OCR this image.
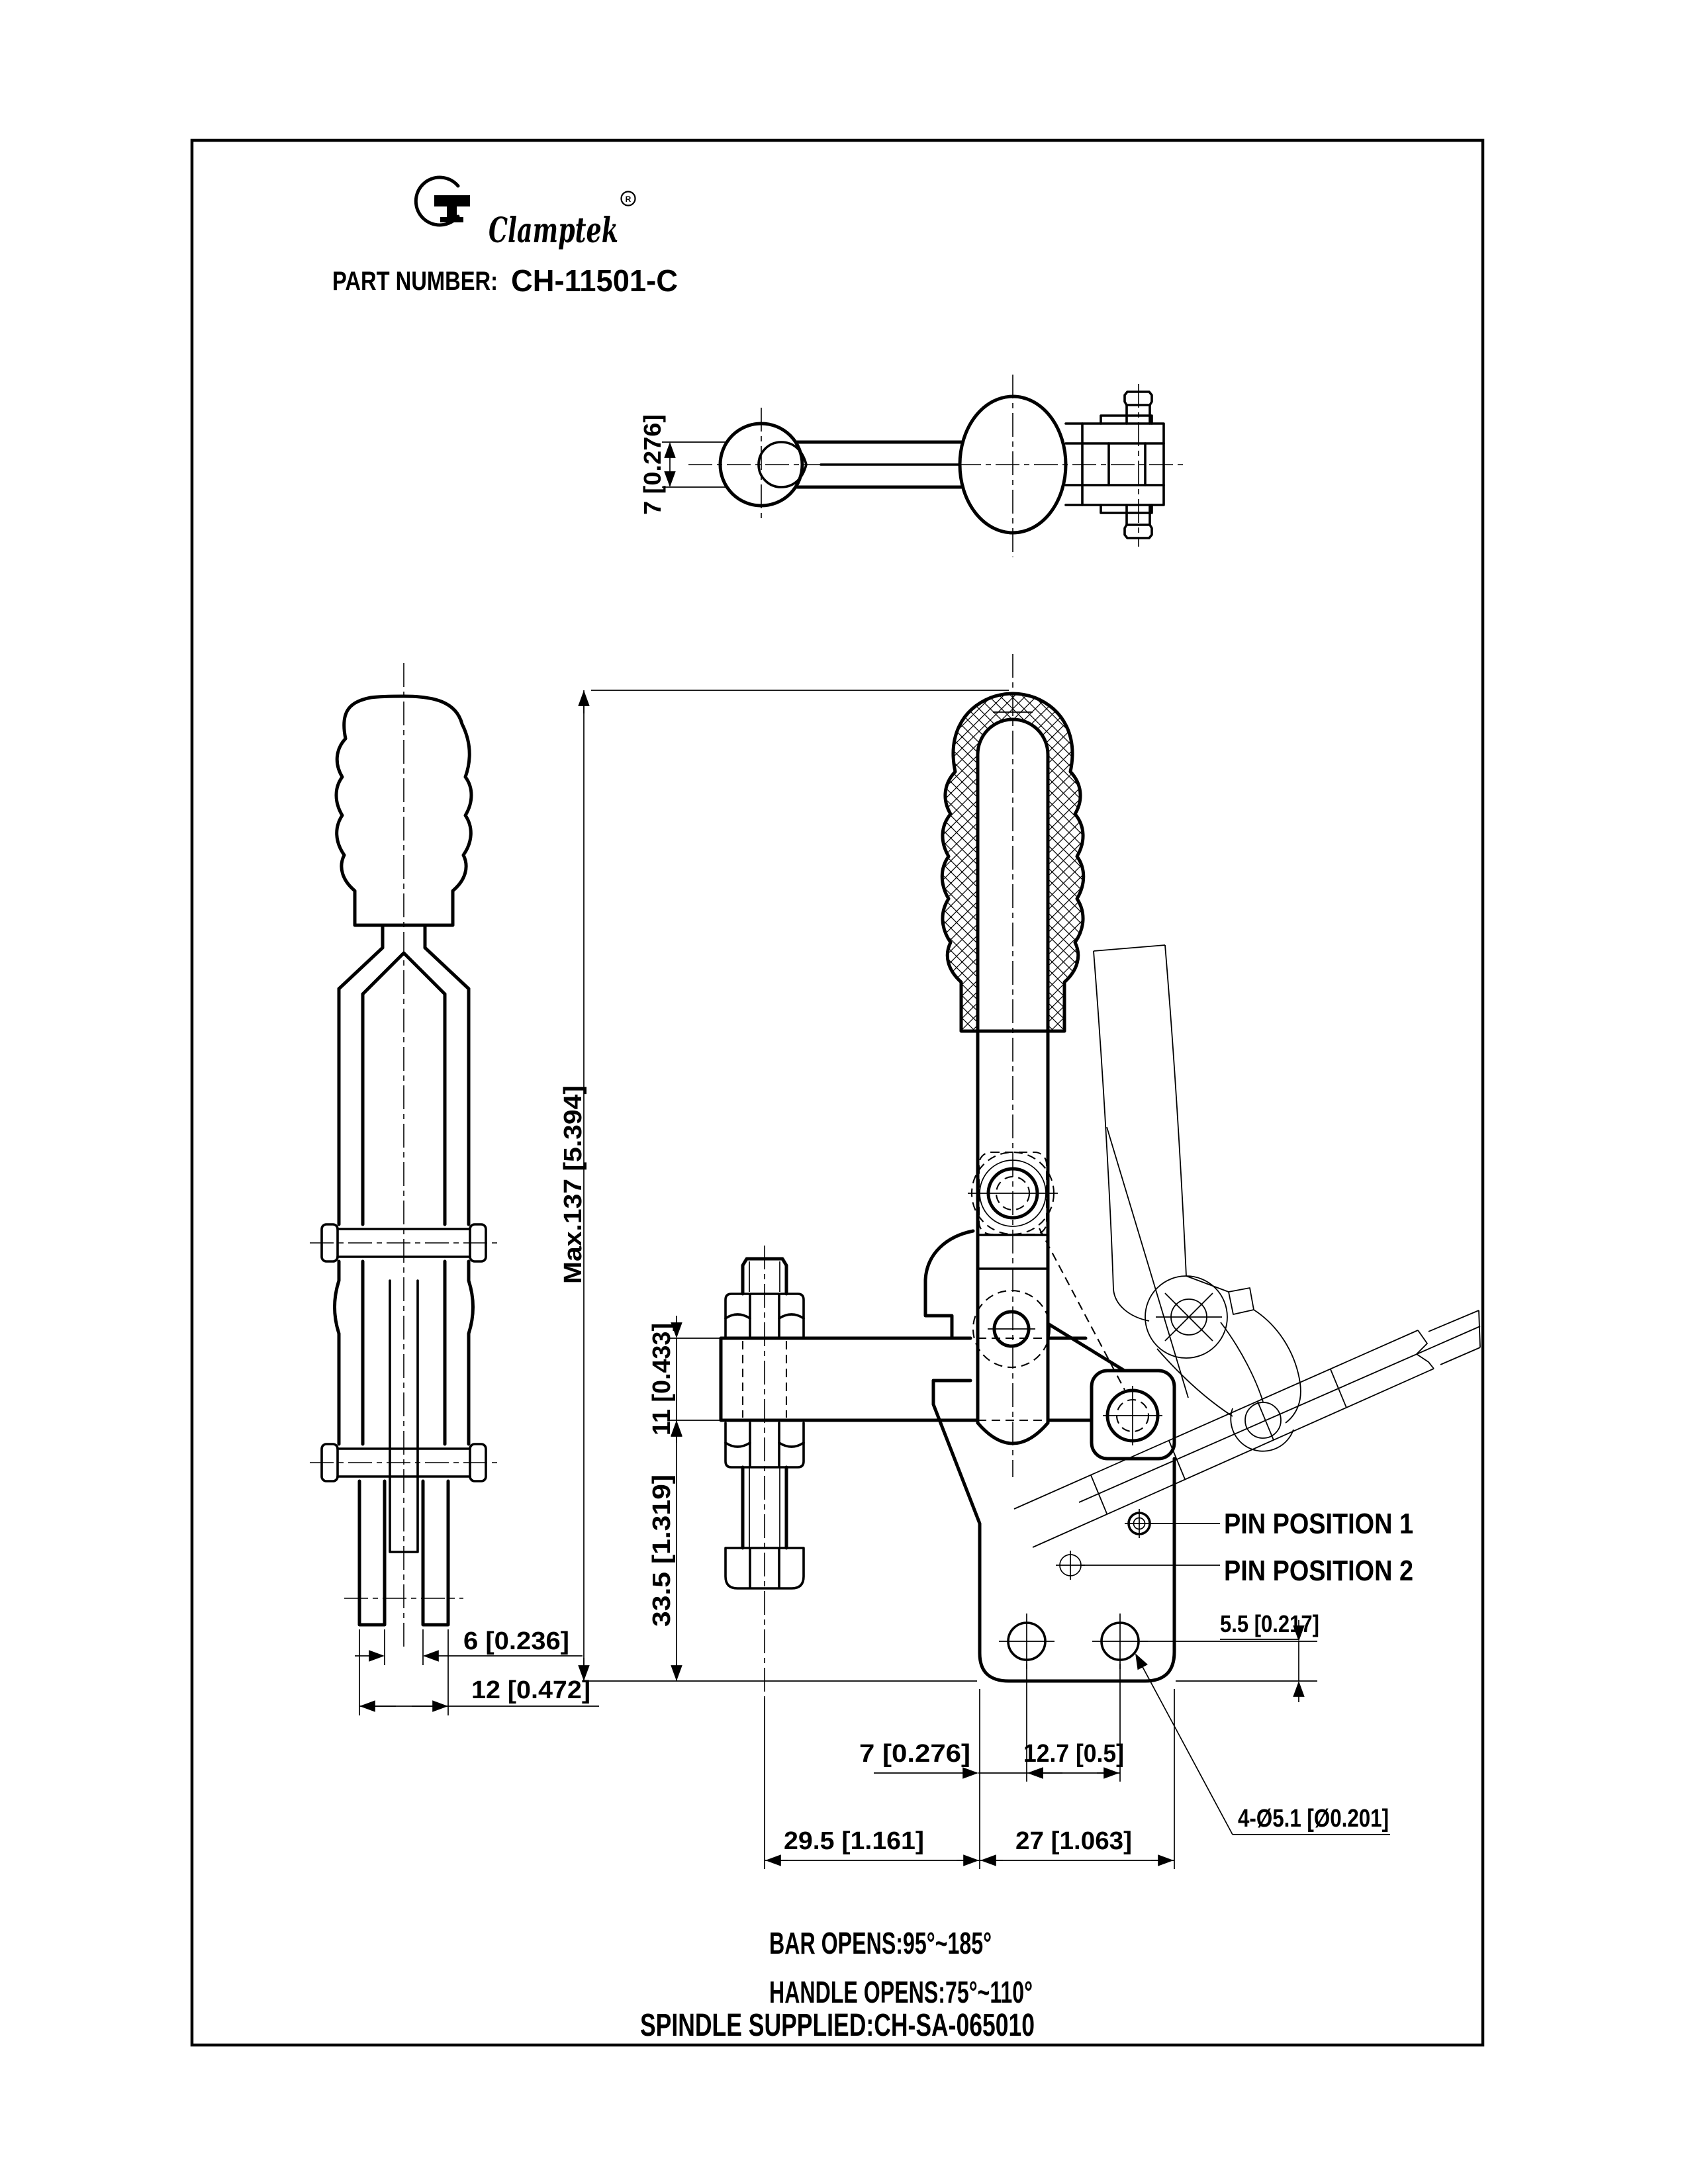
Clamptek
R
PART NUMBER: CH-11501-C
7 [0.276]
6 [0.236]
12 [0.472]
Max.137 [5.394]
11 [0.433]
33.5 [1.319]
7 [0.276] 12.7 [0.5]
29.5 [1.161]	27 [1.063]
5.5 [0.217]
4-Ø5.1 [Ø0.201]
PIN POSITION 1
PIN POSITION 2
BAR OPENS:95°~185°
HANDLE OPENS:75°~110°
SPINDLE SUPPLIED:CH-SA-065010
